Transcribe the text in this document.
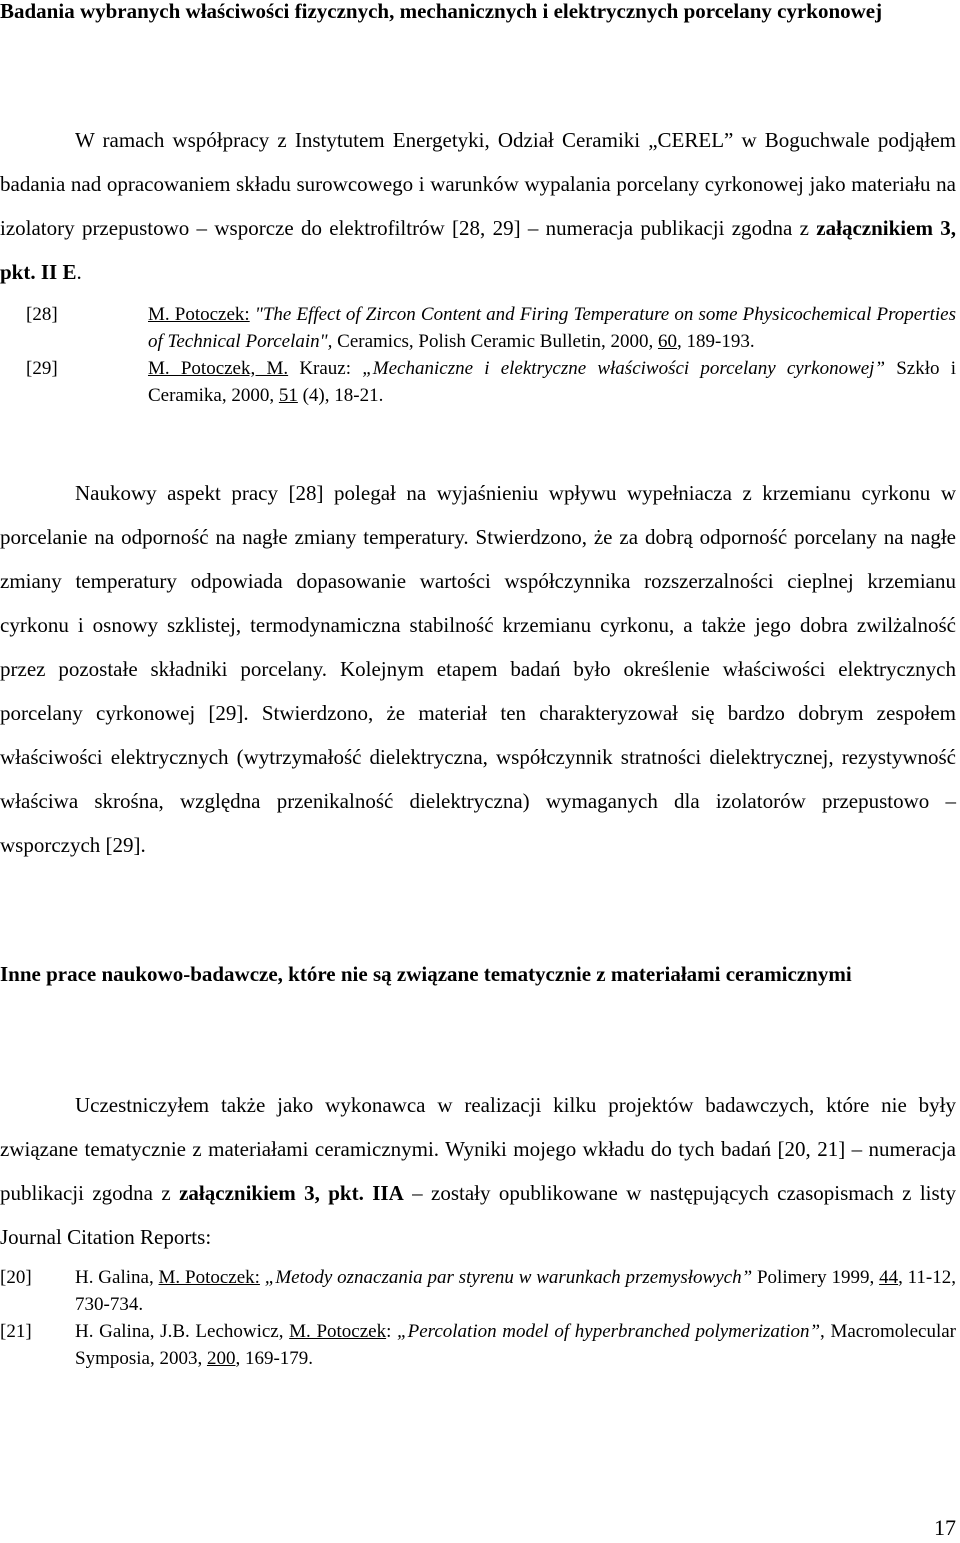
Badania wybranych właściwości fizycznych, mechanicznych i elektrycznych porcelany cyrkonowej

W ramach współpracy z Instytutem Energetyki, Odział Ceramiki „CEREL” w Boguchwale podjąłem badania nad opracowaniem składu surowcowego i warunków wypalania porcelany cyrkonowej jako materiału na izolatory przepustowo – wsporcze do elektrofiltrów [28, 29] – numeracja publikacji zgodna z załącznikiem 3, pkt. II E.

[28]	M. Potoczek: "The Effect of Zircon Content and Firing Temperature on some Physicochemical Properties of Technical Porcelain", Ceramics, Polish Ceramic Bulletin, 2000, 60, 189-193.
[29]	M. Potoczek, M. Krauz: „Mechaniczne i elektryczne właściwości porcelany cyrkonowej” Szkło i Ceramika, 2000, 51 (4), 18-21.

Naukowy aspekt pracy [28] polegał na wyjaśnieniu wpływu wypełniacza z krzemianu cyrkonu w porcelanie na odporność na nagłe zmiany temperatury. Stwierdzono, że za dobrą odporność porcelany na nagłe zmiany temperatury odpowiada dopasowanie wartości współczynnika rozszerzalności cieplnej krzemianu cyrkonu i osnowy szklistej, termodynamiczna stabilność krzemianu cyrkonu, a także jego dobra zwilżalność przez pozostałe składniki porcelany. Kolejnym etapem badań było określenie właściwości elektrycznych porcelany cyrkonowej [29]. Stwierdzono, że materiał ten charakteryzował się bardzo dobrym zespołem właściwości elektrycznych (wytrzymałość dielektryczna, współczynnik stratności dielektrycznej, rezystywność właściwa skrośna, względna przenikalność dielektryczna) wymaganych dla izolatorów przepustowo – wsporczych [29].

Inne prace naukowo-badawcze, które nie są związane tematycznie z materiałami ceramicznymi

Uczestniczyłem także jako wykonawca w realizacji kilku projektów badawczych, które nie były związane tematycznie z materiałami ceramicznymi. Wyniki mojego wkładu do tych badań [20, 21] – numeracja publikacji zgodna z załącznikiem 3, pkt. IIA – zostały opublikowane w następujących czasopismach z listy Journal Citation Reports:

[20]	H. Galina, M. Potoczek: „Metody oznaczania par styrenu w warunkach przemysłowych” Polimery 1999, 44, 11-12, 730-734.
[21]	H. Galina, J.B. Lechowicz, M. Potoczek: „Percolation model of hyperbranched polymerization”, Macromolecular Symposia, 2003, 200, 169-179.
17
